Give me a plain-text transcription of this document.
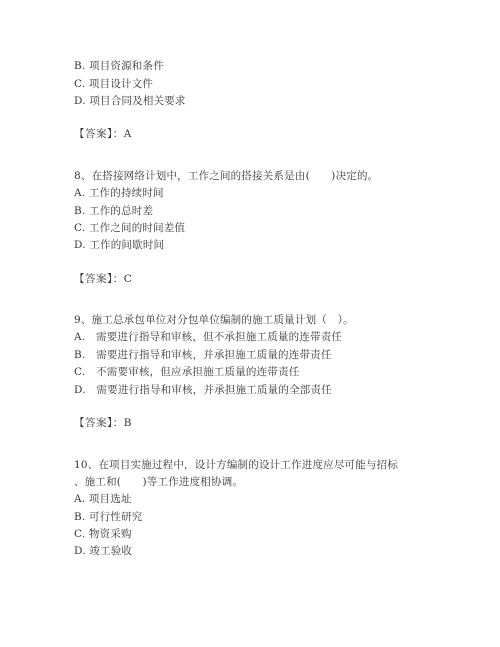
B. 项目资源和条件
C. 项目设计文件
D. 项目合同及相关要求
【答案】：A
8、在搭接网络计划中，工作之间的搭接关系是由(　　)决定的。
A. 工作的持续时间
B. 工作的总时差
C. 工作之间的时间差值
D. 工作的间歇时间
【答案】：C
9、施工总承包单位对分包单位编制的施工质量计划（　）。
A.　需要进行指导和审核，但不承担施工质量的连带责任
B.　需要进行指导和审核，并承担施工质量的连带责任
C.　不需要审核，但应承担施工质量的连带责任
D.　需要进行指导和审核，并承担施工质量的全部责任
【答案】：B
10、在项目实施过程中，设计方编制的设计工作进度应尽可能与招标
、施工和(　　)等工作进度相协调。
A. 项目选址
B. 可行性研究
C. 物资采购
D. 竣工验收
